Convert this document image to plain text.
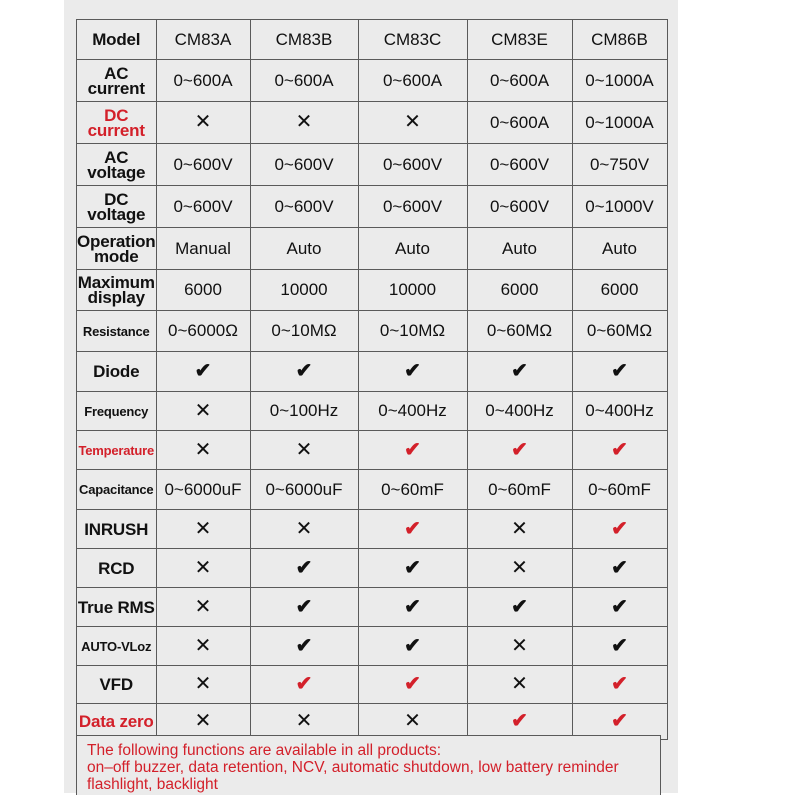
Model	CM83A	CM83B	CM83C	CM83E	CM86B

AC
current	0~600A	0~600A	0~600A	0~600A	0~1000A

DC
current	✕	✕	✕	0~600A	0~1000A

AC
voltage	0~600V	0~600V	0~600V	0~600V	0~750V

DC
voltage	0~600V	0~600V	0~600V	0~600V	0~1000V

Operation
mode	Manual	Auto	Auto	Auto	Auto

Maximum
display	6000	10000	10000	6000	6000

Resistance	0~6000Ω	0~10MΩ	0~10MΩ	0~60MΩ	0~60MΩ

Diode	✔	✔	✔	✔	✔

Frequency	✕	0~100Hz	0~400Hz	0~400Hz	0~400Hz

Temperature	✕	✕	✔	✔	✔

Capacitance	0~6000uF	0~6000uF	0~60mF	0~60mF	0~60mF

INRUSH	✕	✕	✔	✕	✔

RCD	✕	✔	✔	✕	✔

True RMS	✕	✔	✔	✔	✔

AUTO-VLoz	✕	✔	✔	✕	✔

VFD	✕	✔	✔	✕	✔

Data zero	✕	✕	✕	✔	✔
The following functions are available in all products:
on–off buzzer, data retention, NCV, automatic shutdown, low battery reminder
flashlight, backlight
